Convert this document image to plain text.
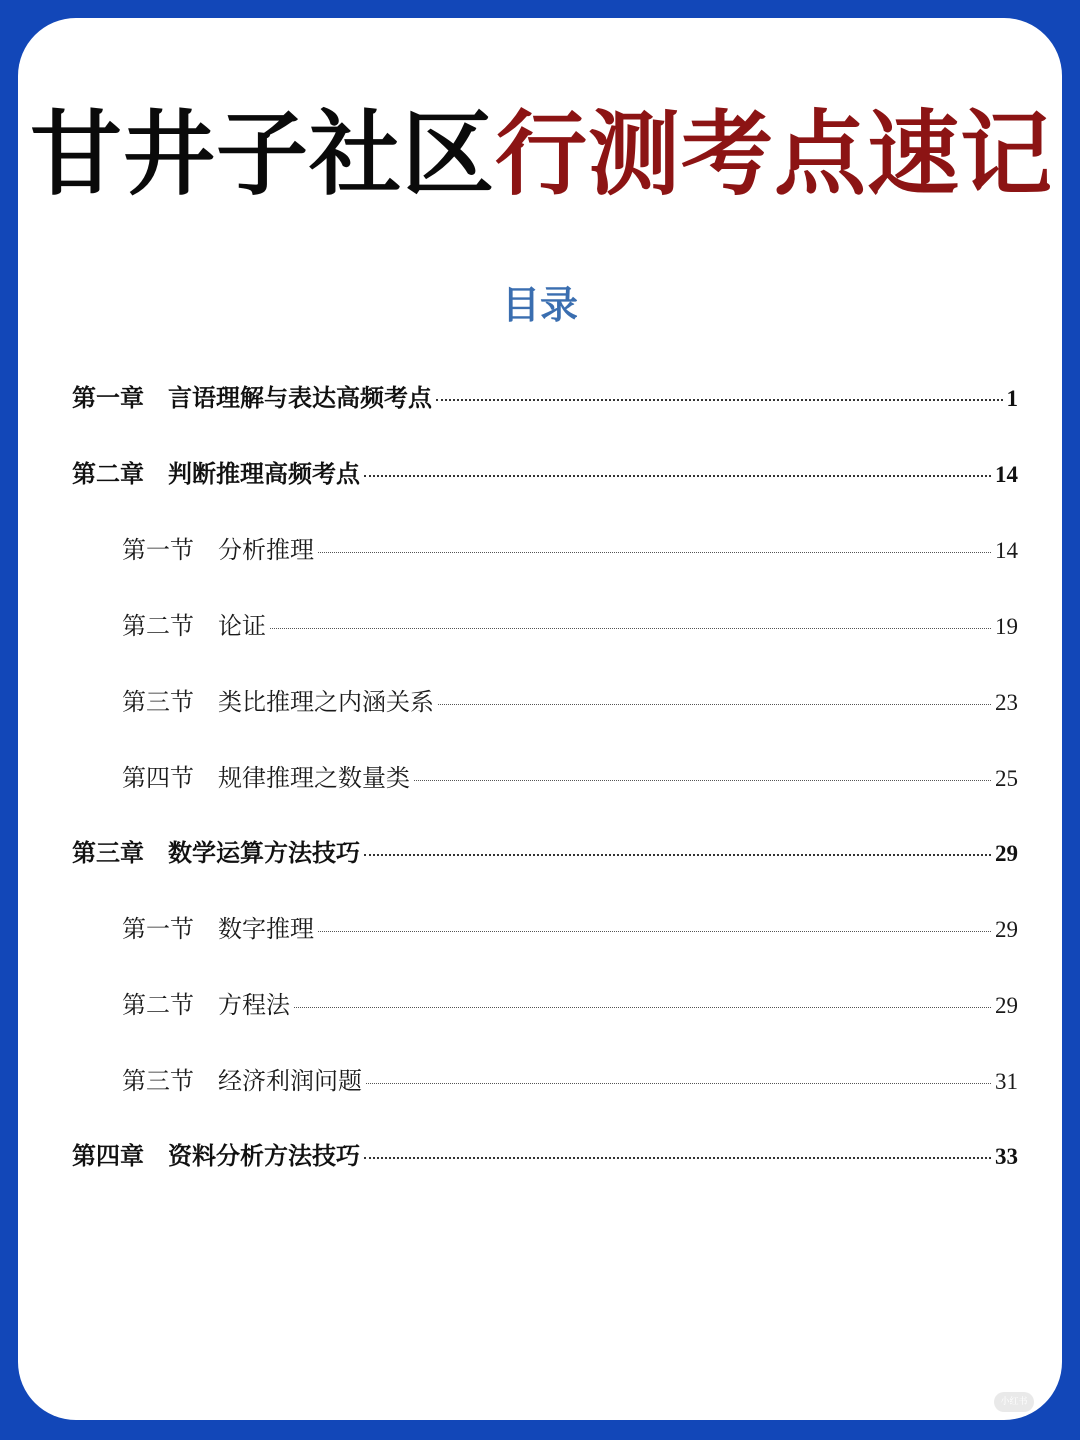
甘井子社区行测考点速记
目录
第一章 言语理解与表达高频考点	1
第二章 判断推理高频考点	14
第一节 分析推理	14
第二节 论证	19
第三节 类比推理之内涵关系	23
第四节 规律推理之数量类	25
第三章 数学运算方法技巧	29
第一节 数字推理	29
第二节 方程法	29
第三节 经济利润问题	31
第四章 资料分析方法技巧	33
小红书
